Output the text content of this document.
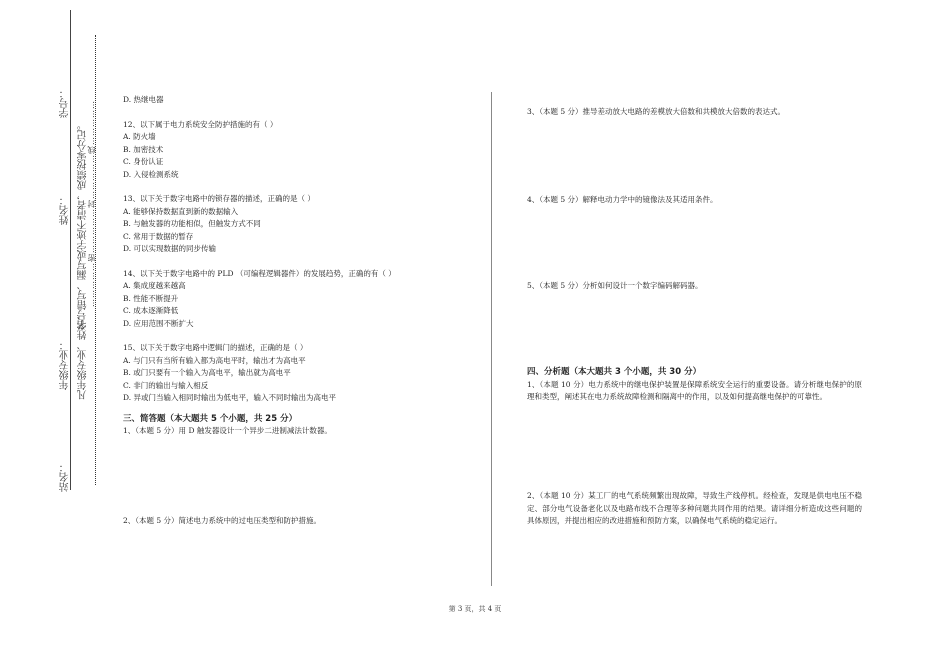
学号：
姓名：
年级专业：
站名：
学号错写、漏写或字迹不清者，成绩按零分记。
凡年级专业、姓名、
……………密……………封……………线……………

D. 热继电器

12、以下属于电力系统安全防护措施的有（ ）

A. 防火墙

B. 加密技术

C. 身份认证

D. 入侵检测系统

13、以下关于数字电路中的锁存器的描述，正确的是（ ）

A. 能够保持数据直到新的数据输入

B. 与触发器的功能相似，但触发方式不同

C. 常用于数据的暂存

D. 可以实现数据的同步传输

14、以下关于数字电路中的 PLD （可编程逻辑器件）的发展趋势，正确的有（ ）

A. 集成度越来越高

B. 性能不断提升

C. 成本逐渐降低

D. 应用范围不断扩大

15、以下关于数字电路中逻辑门的描述，正确的是（ ）

A. 与门只有当所有输入都为高电平时，输出才为高电平

B. 或门只要有一个输入为高电平，输出就为高电平

C. 非门的输出与输入相反

D. 异或门当输入相同时输出为低电平，输入不同时输出为高电平

三、简答题（本大题共 5 个小题，共 25 分）

1、（本题 5 分）用 D 触发器设计一个异步二进制减法计数器。

2、（本题 5 分）简述电力系统中的过电压类型和防护措施。

3、（本题 5 分）推导差动放大电路的差模放大倍数和共模放大倍数的表达式。

4、（本题 5 分）解释电动力学中的镜像法及其适用条件。

5、（本题 5 分）分析如何设计一个数字编码解码器。

四、分析题（本大题共 3 个小题，共 30 分）

1、（本题 10 分）电力系统中的继电保护装置是保障系统安全运行的重要设备。请分析继电保护的原理和类型，阐述其在电力系统故障检测和隔离中的作用，以及如何提高继电保护的可靠性。

2、（本题 10 分）某工厂的电气系统频繁出现故障，导致生产线停机。经检查，发现是供电电压不稳定、部分电气设备老化以及电路布线不合理等多种问题共同作用的结果。请详细分析造成这些问题的具体原因，并提出相应的改进措施和预防方案，以确保电气系统的稳定运行。

第 3 页，共 4 页
